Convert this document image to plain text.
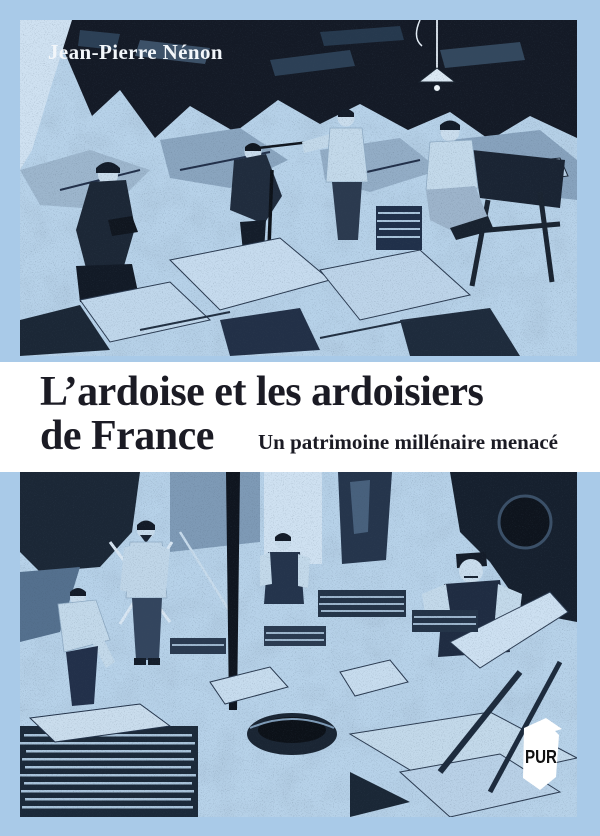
Jean-Pierre Nénon
L’ardoise et les ardoisiers
de France	Un patrimoine millénaire menacé
PUR
